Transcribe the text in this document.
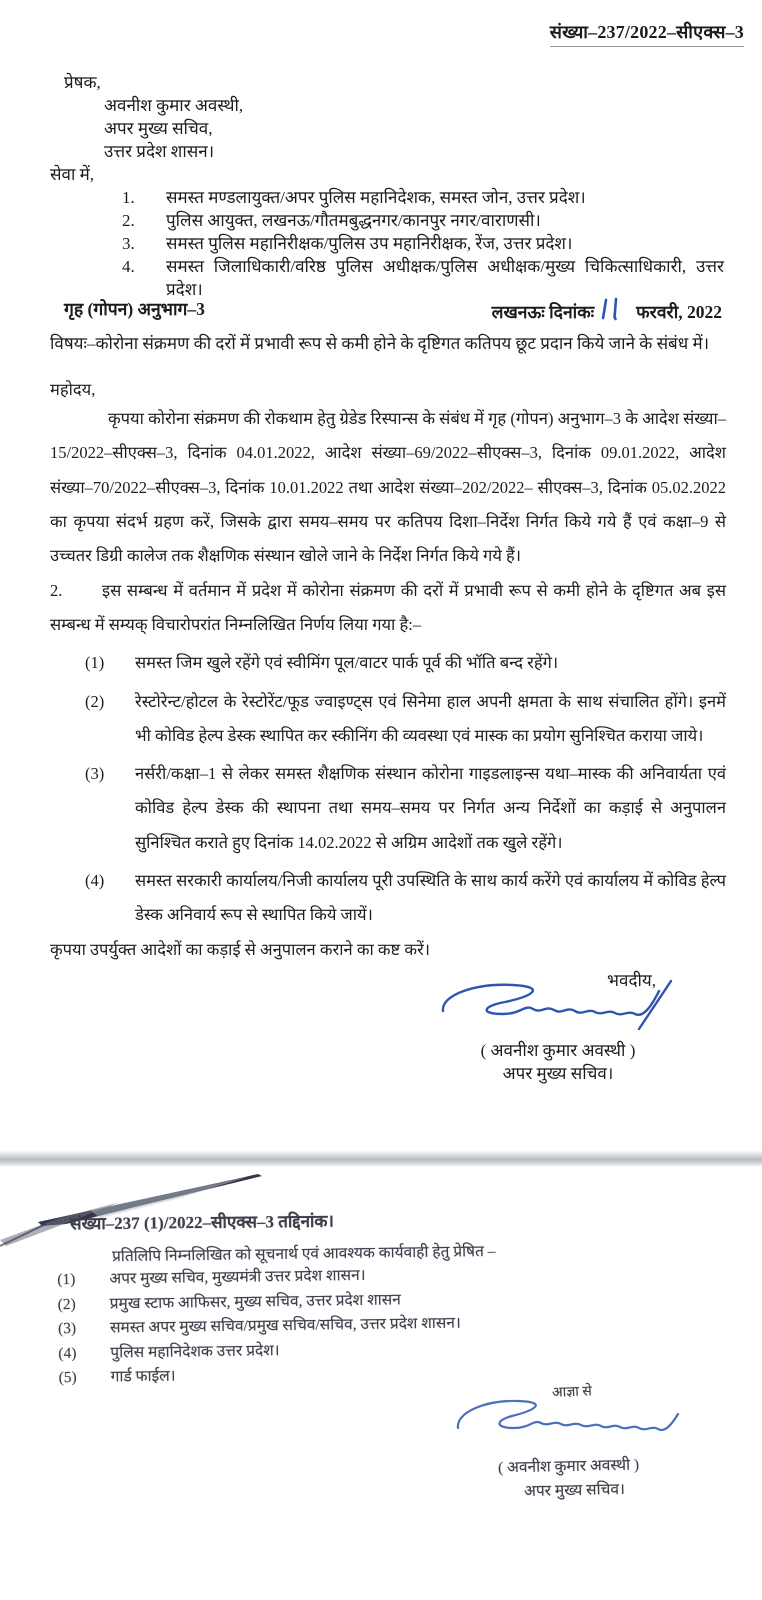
संख्या–237/2022–सीएक्स–3
प्रेषक,
अवनीश कुमार अवस्थी,
अपर मुख्य सचिव,
उत्तर प्रदेश शासन।
सेवा में,
1.	समस्त मण्डलायुक्त/अपर पुलिस महानिदेशक, समस्त जोन, उत्तर प्रदेश।
2.	पुलिस आयुक्त, लखनऊ/गौतमबुद्धनगर/कानपुर नगर/वाराणसी।
3.	समस्त पुलिस महानिरीक्षक/पुलिस उप महानिरीक्षक, रेंज, उत्तर प्रदेश।
4.	समस्त जिलाधिकारी/वरिष्ठ पुलिस अधीक्षक/पुलिस अधीक्षक/मुख्य चिकित्साधिकारी, उत्तर प्रदेश।
गृह (गोपन) अनुभाग–3	लखनऊः दिनांकः फरवरी, 2022
विषयः– कोरोना संक्रमण की दरों में प्रभावी रूप से कमी होने के दृष्टिगत कतिपय छूट प्रदान किये जाने के संबंध में।

महोदय,

कृपया कोरोना संक्रमण की रोकथाम हेतु ग्रेडेड रिस्पान्स के संबंध में गृह (गोपन) अनुभाग–3 के आदेश संख्या–15/2022–सीएक्स–3, दिनांक 04.01.2022, आदेश संख्या–69/2022–सीएक्स–3, दिनांक 09.01.2022, आदेश संख्या–70/2022–सीएक्स–3, दिनांक 10.01.2022 तथा आदेश संख्या–202/2022– सीएक्स–3, दिनांक 05.02.2022 का कृपया संदर्भ ग्रहण करें, जिसके द्वारा समय–समय पर कतिपय दिशा–निर्देश निर्गत किये गये हैं एवं कक्षा–9 से उच्चतर डिग्री कालेज तक शैक्षणिक संस्थान खोले जाने के निर्देश निर्गत किये गये हैं।

2. इस सम्बन्ध में वर्तमान में प्रदेश में कोरोना संक्रमण की दरों में प्रभावी रूप से कमी होने के दृष्टिगत अब इस सम्बन्ध में सम्यक् विचारोपरांत निम्नलिखित निर्णय लिया गया है:–

(1)	समस्त जिम खुले रहेंगे एवं स्वीमिंग पूल/वाटर पार्क पूर्व की भॉति बन्द रहेंगे।
(2)	रेस्टोरेन्ट/होटल के रेस्टोरेंट/फूड ज्वाइण्ट्स एवं सिनेमा हाल अपनी क्षमता के साथ संचालित होंगे। इनमें भी कोविड हेल्प डेस्क स्थापित कर स्कीनिंग की व्यवस्था एवं मास्क का प्रयोग सुनिश्चित कराया जाये।
(3)	नर्सरी/कक्षा–1 से लेकर समस्त शैक्षणिक संस्थान कोरोना गाइडलाइन्स यथा–मास्क की अनिवार्यता एवं कोविड हेल्प डेस्क की स्थापना तथा समय–समय पर निर्गत अन्य निर्देशों का कड़ाई से अनुपालन सुनिश्चित कराते हुए दिनांक 14.02.2022 से अग्रिम आदेशों तक खुले रहेंगे।
(4)	समस्त सरकारी कार्यालय/निजी कार्यालय पूरी उपस्थिति के साथ कार्य करेंगे एवं कार्यालय में कोविड हेल्प डेस्क अनिवार्य रूप से स्थापित किये जायें।

कृपया उपर्युक्त आदेशों का कड़ाई से अनुपालन कराने का कष्ट करें।

भवदीय,
( अवनीश कुमार अवस्थी )
अपर मुख्य सचिव।
संख्या–237 (1)/2022–सीएक्स–3 तद्दिनांक।
प्रतिलिपि निम्नलिखित को सूचनार्थ एवं आवश्यक कार्यवाही हेतु प्रेषित –
(1)	अपर मुख्य सचिव, मुख्यमंत्री उत्तर प्रदेश शासन।
(2)	प्रमुख स्टाफ आफिसर, मुख्य सचिव, उत्तर प्रदेश शासन
(3)	समस्त अपर मुख्य सचिव/प्रमुख सचिव/सचिव, उत्तर प्रदेश शासन।
(4)	पुलिस महानिदेशक उत्तर प्रदेश।
(5)	गार्ड फाईल।
आज्ञा से
( अवनीश कुमार अवस्थी )
अपर मुख्य सचिव।
